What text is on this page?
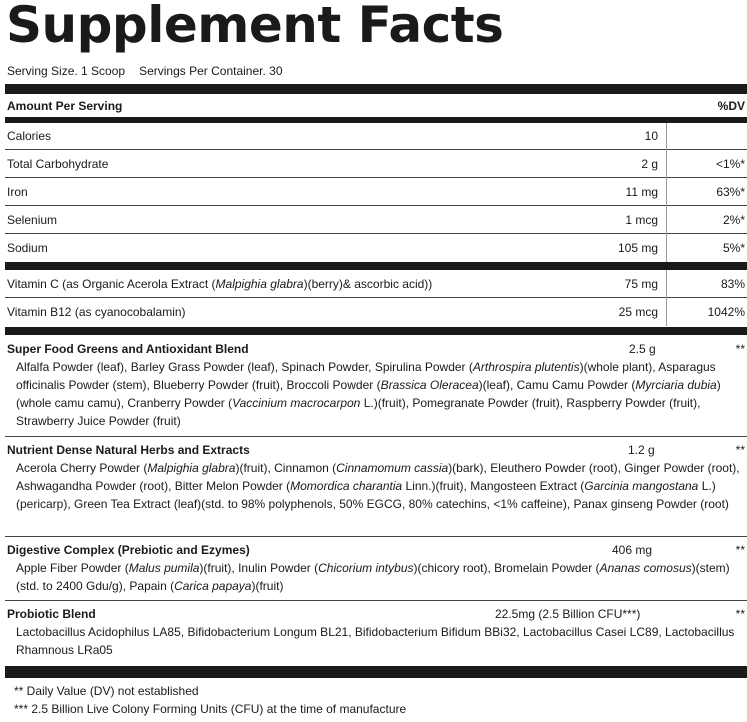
Supplement Facts
Serving Size. 1 Scoop Servings Per Container. 30
Amount Per Serving	%DV
Calories	10
Total Carbohydrate	2 g	<1%*
Iron	11 mg	63%*
Selenium	1 mcg	2%*
Sodium	105 mg	5%*
Vitamin C (as Organic Acerola Extract (Malpighia glabra)(berry)& ascorbic acid))	75 mg	83%
Vitamin B12 (as cyanocobalamin)	25 mcg	1042%
Super Food Greens and Antioxidant Blend	2.5 g	**
Alfalfa Powder (leaf), Barley Grass Powder (leaf), Spinach Powder, Spirulina Powder (Arthrospira plutentis)(whole plant), Asparagus officinalis Powder (stem), Blueberry Powder (fruit), Broccoli Powder (Brassica Oleracea)(leaf), Camu Camu Powder (Myrciaria dubia)(whole camu camu), Cranberry Powder (Vaccinium macrocarpon L.)(fruit), Pomegranate Powder (fruit), Raspberry Powder (fruit), Strawberry Juice Powder (fruit)
Nutrient Dense Natural Herbs and Extracts	1.2 g	**
Acerola Cherry Powder (Malpighia glabra)(fruit), Cinnamon (Cinnamomum cassia)(bark), Eleuthero Powder (root), Ginger Powder (root), Ashwagandha Powder (root), Bitter Melon Powder (Momordica charantia Linn.)(fruit), Mangosteen Extract (Garcinia mangostana L.)(pericarp), Green Tea Extract (leaf)(std. to 98% polyphenols, 50% EGCG, 80% catechins, <1% caffeine), Panax ginseng Powder (root)
Digestive Complex (Prebiotic and Ezymes)	406 mg	**
Apple Fiber Powder (Malus pumila)(fruit), Inulin Powder (Chicorium intybus)(chicory root), Bromelain Powder (Ananas comosus)(stem)(std. to 2400 Gdu/g), Papain (Carica papaya)(fruit)
Probiotic Blend	22.5mg (2.5 Billion CFU***)	**
Lactobacillus Acidophilus LA85, Bifidobacterium Longum BL21, Bifidobacterium Bifidum BBi32, Lactobacillus Casei LC89, Lactobacillus Rhamnous LRa05
** Daily Value (DV) not established
*** 2.5 Billion Live Colony Forming Units (CFU) at the time of manufacture
